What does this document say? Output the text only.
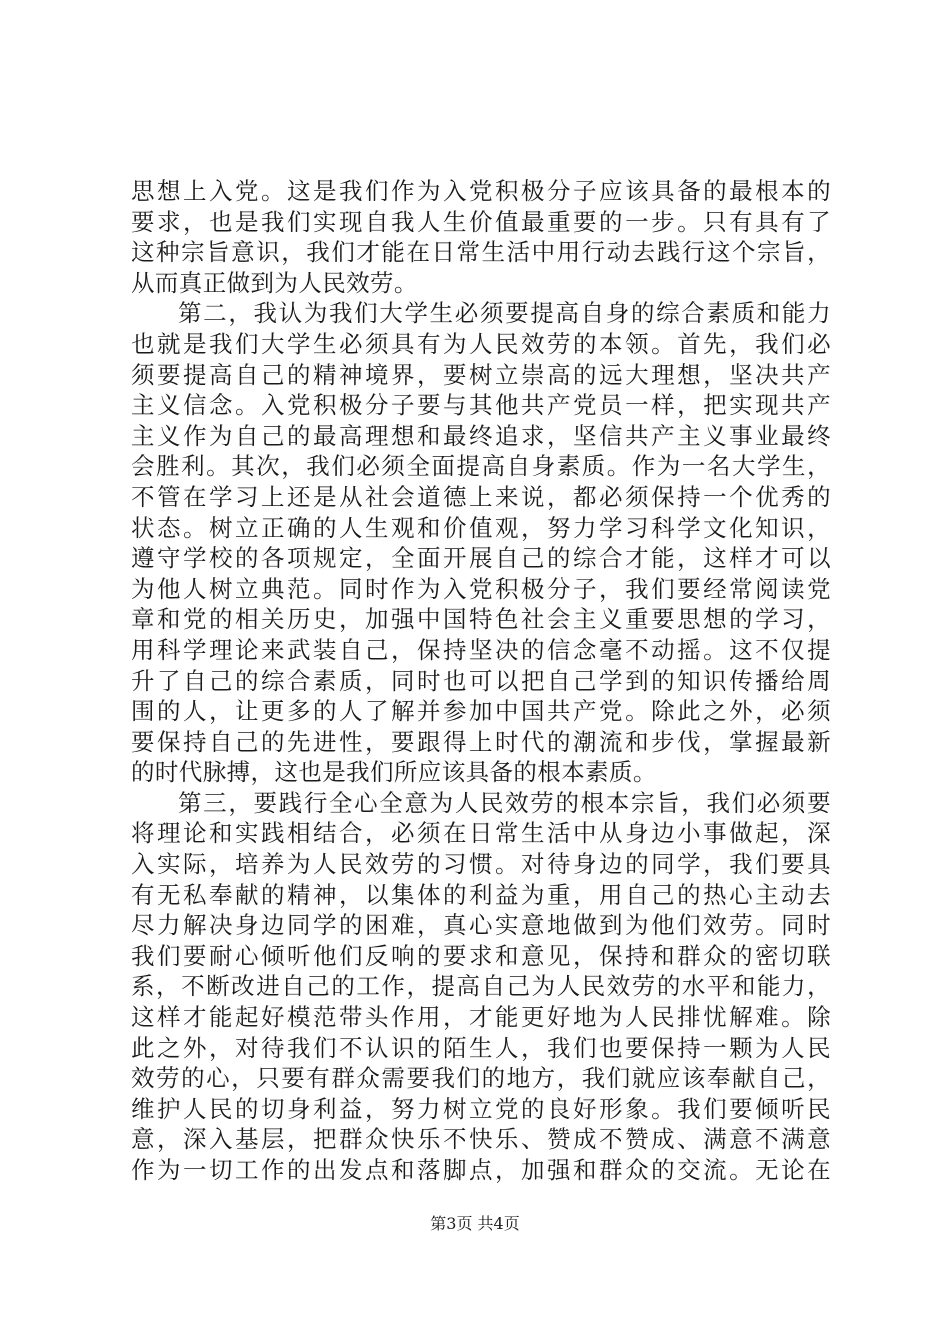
思想上入党。这是我们作为入党积极分子应该具备的最根本的
要求，也是我们实现自我人生价值最重要的一步。只有具有了
这种宗旨意识，我们才能在日常生活中用行动去践行这个宗旨，
从而真正做到为人民效劳。
第二，我认为我们大学生必须要提高自身的综合素质和能力
也就是我们大学生必须具有为人民效劳的本领。首先，我们必
须要提高自己的精神境界，要树立崇高的远大理想，坚决共产
主义信念。入党积极分子要与其他共产党员一样，把实现共产
主义作为自己的最高理想和最终追求，坚信共产主义事业最终
会胜利。其次，我们必须全面提高自身素质。作为一名大学生，
不管在学习上还是从社会道德上来说，都必须保持一个优秀的
状态。树立正确的人生观和价值观，努力学习科学文化知识，
遵守学校的各项规定，全面开展自己的综合才能，这样才可以
为他人树立典范。同时作为入党积极分子，我们要经常阅读党
章和党的相关历史，加强中国特色社会主义重要思想的学习，
用科学理论来武装自己，保持坚决的信念毫不动摇。这不仅提
升了自己的综合素质，同时也可以把自己学到的知识传播给周
围的人，让更多的人了解并参加中国共产党。除此之外，必须
要保持自己的先进性，要跟得上时代的潮流和步伐，掌握最新
的时代脉搏，这也是我们所应该具备的根本素质。
第三，要践行全心全意为人民效劳的根本宗旨，我们必须要
将理论和实践相结合，必须在日常生活中从身边小事做起，深
入实际，培养为人民效劳的习惯。对待身边的同学，我们要具
有无私奉献的精神，以集体的利益为重，用自己的热心主动去
尽力解决身边同学的困难，真心实意地做到为他们效劳。同时
我们要耐心倾听他们反响的要求和意见，保持和群众的密切联
系，不断改进自己的工作，提高自己为人民效劳的水平和能力，
这样才能起好模范带头作用，才能更好地为人民排忧解难。除
此之外，对待我们不认识的陌生人，我们也要保持一颗为人民
效劳的心，只要有群众需要我们的地方，我们就应该奉献自己，
维护人民的切身利益，努力树立党的良好形象。我们要倾听民
意，深入基层，把群众快乐不快乐、赞成不赞成、满意不满意
作为一切工作的出发点和落脚点，加强和群众的交流。无论在
第3页 共4页
